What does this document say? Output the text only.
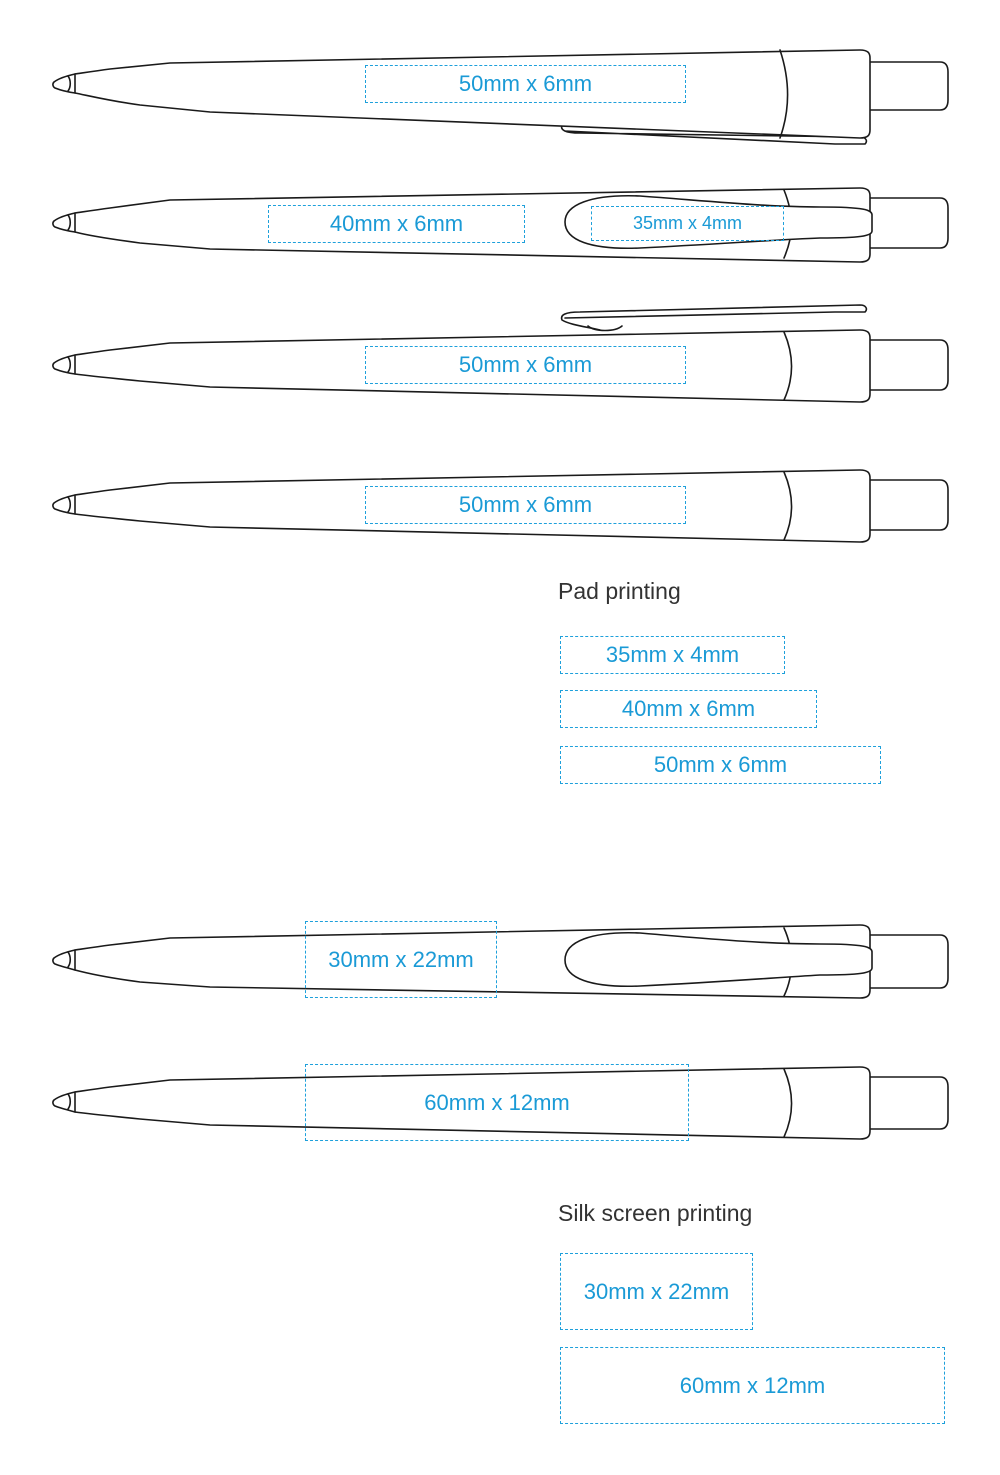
50mm x 6mm
40mm x 6mm	35mm x 4mm
50mm x 6mm
50mm x 6mm
30mm x 22mm
60mm x 12mm
Pad printing
35mm x 4mm
40mm x 6mm
50mm x 6mm
Silk screen printing
30mm x 22mm
60mm x 12mm
